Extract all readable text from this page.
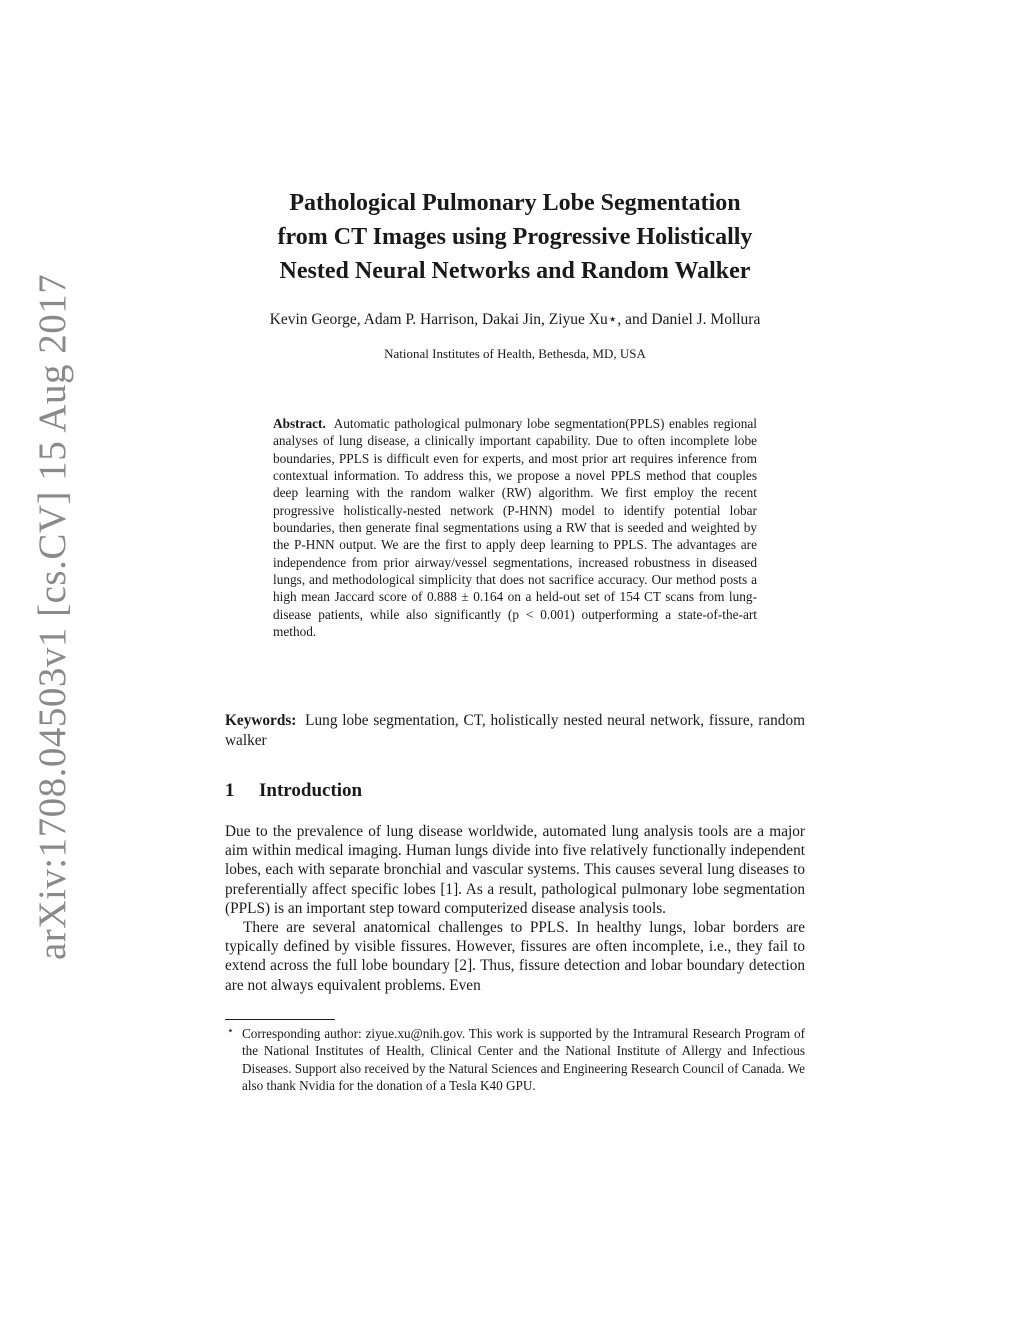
arXiv:1708.04503v1 [cs.CV] 15 Aug 2017
Pathological Pulmonary Lobe Segmentation
from CT Images using Progressive Holistically
Nested Neural Networks and Random Walker
Kevin George, Adam P. Harrison, Dakai Jin, Ziyue Xu⋆, and Daniel J. Mollura
National Institutes of Health, Bethesda, MD, USA
Abstract. Automatic pathological pulmonary lobe segmentation(PPLS) enables regional analyses of lung disease, a clinically important capability. Due to often incomplete lobe boundaries, PPLS is difficult even for experts, and most prior art requires inference from contextual information. To address this, we propose a novel PPLS method that couples deep learning with the random walker (RW) algorithm. We first employ the recent progressive holistically-nested network (P-HNN) model to identify potential lobar boundaries, then generate final segmentations using a RW that is seeded and weighted by the P-HNN output. We are the first to apply deep learning to PPLS. The advantages are independence from prior airway/vessel segmentations, increased robustness in diseased lungs, and methodological simplicity that does not sacrifice accuracy. Our method posts a high mean Jaccard score of 0.888 ± 0.164 on a held-out set of 154 CT scans from lung-disease patients, while also significantly (p < 0.001) outperforming a state-of-the-art method.
Keywords: Lung lobe segmentation, CT, holistically nested neural network, fissure, random walker
1 Introduction

Due to the prevalence of lung disease worldwide, automated lung analysis tools are a major aim within medical imaging. Human lungs divide into five relatively functionally independent lobes, each with separate bronchial and vascular systems. This causes several lung diseases to preferentially affect specific lobes [1]. As a result, pathological pulmonary lobe segmentation (PPLS) is an important step toward computerized disease analysis tools.

There are several anatomical challenges to PPLS. In healthy lungs, lobar borders are typically defined by visible fissures. However, fissures are often incomplete, i.e., they fail to extend across the full lobe boundary [2]. Thus, fissure detection and lobar boundary detection are not always equivalent problems. Even

⋆ Corresponding author: ziyue.xu@nih.gov. This work is supported by the Intramural Research Program of the National Institutes of Health, Clinical Center and the National Institute of Allergy and Infectious Diseases. Support also received by the Natural Sciences and Engineering Research Council of Canada. We also thank Nvidia for the donation of a Tesla K40 GPU.
